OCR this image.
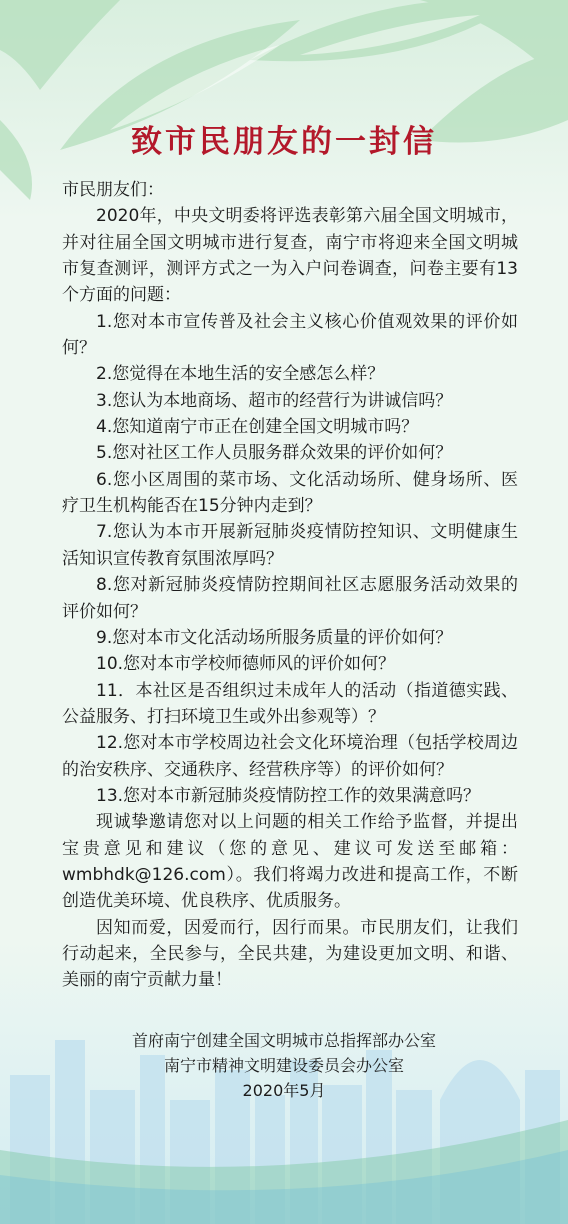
致市民朋友的一封信

市民朋友们：

2020年，中央文明委将评选表彰第六届全国文明城市，并对往届全国文明城市进行复查，南宁市将迎来全国文明城市复查测评，测评方式之一为入户问卷调查，问卷主要有13个方面的问题：

1.您对本市宣传普及社会主义核心价值观效果的评价如何？

2.您觉得在本地生活的安全感怎么样？

3.您认为本地商场、超市的经营行为讲诚信吗？

4.您知道南宁市正在创建全国文明城市吗？

5.您对社区工作人员服务群众效果的评价如何？

6.您小区周围的菜市场、文化活动场所、健身场所、医疗卫生机构能否在15分钟内走到？

7.您认为本市开展新冠肺炎疫情防控知识、文明健康生活知识宣传教育氛围浓厚吗？

8.您对新冠肺炎疫情防控期间社区志愿服务活动效果的评价如何？

9.您对本市文化活动场所服务质量的评价如何？

10.您对本市学校师德师风的评价如何？

11．本社区是否组织过未成年人的活动（指道德实践、公益服务、打扫环境卫生或外出参观等）？

12.您对本市学校周边社会文化环境治理（包括学校周边的治安秩序、交通秩序、经营秩序等）的评价如何？

13.您对本市新冠肺炎疫情防控工作的效果满意吗？

现诚挚邀请您对以上问题的相关工作给予监督，并提出宝贵意见和建议（您的意见、建议可发送至邮箱：wmbhdk@126.com）。我们将竭力改进和提高工作，不断创造优美环境、优良秩序、优质服务。

因知而爱，因爱而行，因行而果。市民朋友们，让我们行动起来，全民参与，全民共建，为建设更加文明、和谐、美丽的南宁贡献力量！

首府南宁创建全国文明城市总指挥部办公室
南宁市精神文明建设委员会办公室
2020年5月
